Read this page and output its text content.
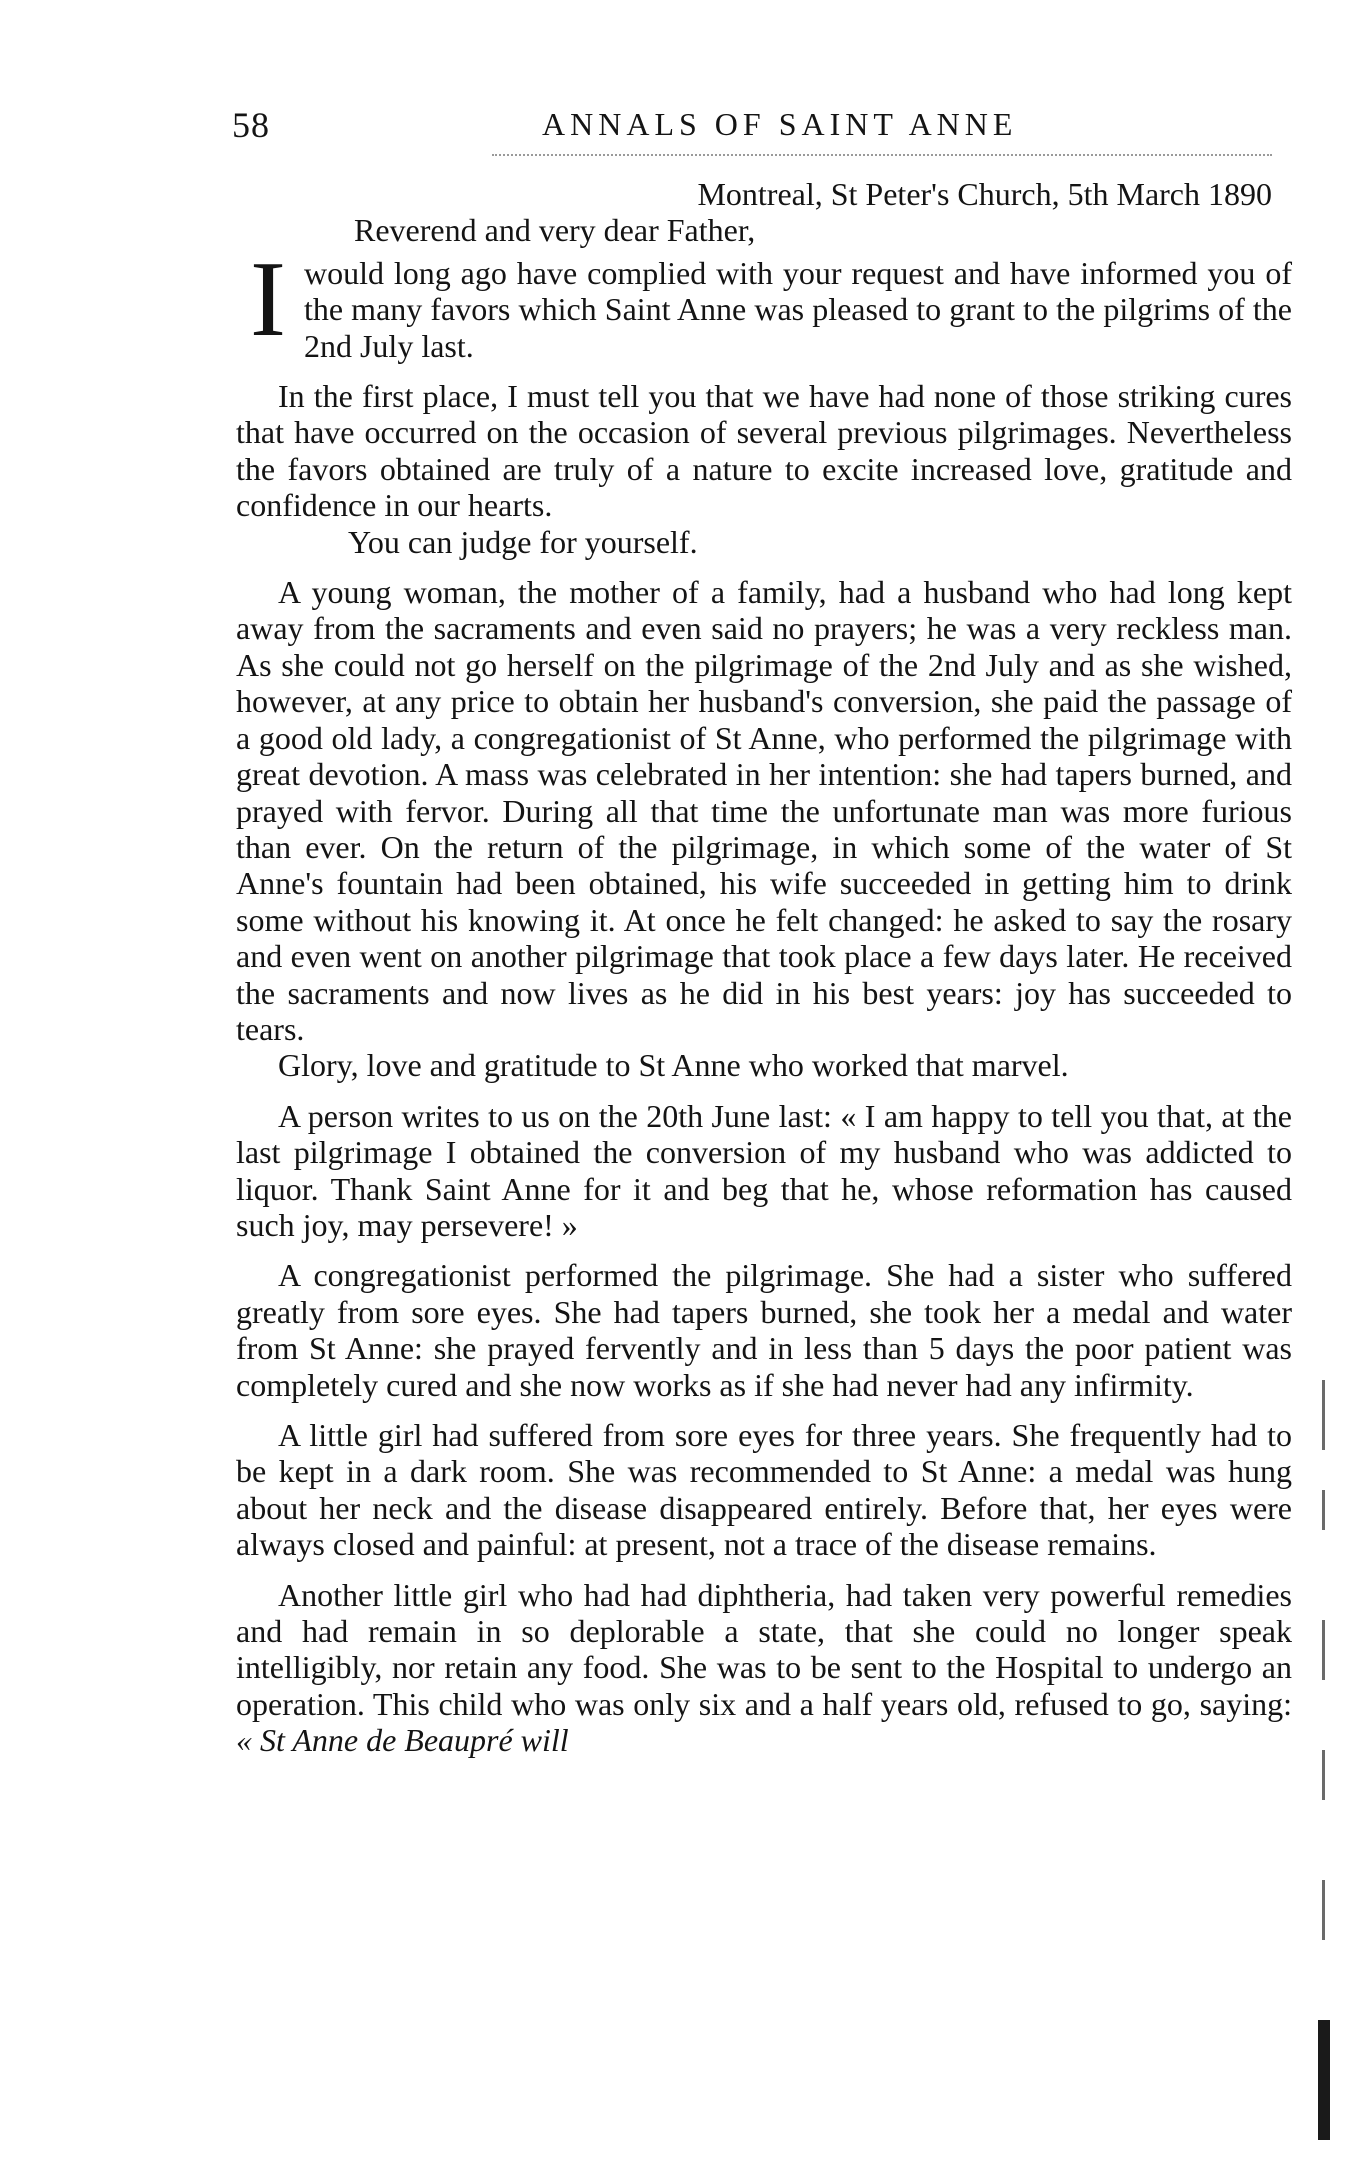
58	ANNALS OF SAINT ANNE

Montreal, St Peter's Church, 5th March 1890

Reverend and very dear Father,

Iwould long ago have complied with your request and have informed you of the many favors which Saint Anne was pleased to grant to the pilgrims of the 2nd July last.

In the first place, I must tell you that we have had none of those striking cures that have occurred on the occasion of several previous pilgrimages. Nevertheless the favors obtained are truly of a nature to excite increased love, gratitude and confidence in our hearts.

You can judge for yourself.

A young woman, the mother of a family, had a husband who had long kept away from the sacraments and even said no prayers; he was a very reckless man. As she could not go herself on the pilgrimage of the 2nd July and as she wished, however, at any price to obtain her husband's conversion, she paid the passage of a good old lady, a congregationist of St Anne, who performed the pilgrimage with great devotion. A mass was celebrated in her intention: she had tapers burned, and prayed with fervor. During all that time the unfortunate man was more furious than ever. On the return of the pilgrimage, in which some of the water of St Anne's fountain had been obtained, his wife succeeded in getting him to drink some without his knowing it. At once he felt changed: he asked to say the rosary and even went on another pilgrimage that took place a few days later. He received the sacraments and now lives as he did in his best years: joy has succeeded to tears.

Glory, love and gratitude to St Anne who worked that marvel.

A person writes to us on the 20th June last: « I am happy to tell you that, at the last pilgrimage I obtained the conversion of my husband who was addicted to liquor. Thank Saint Anne for it and beg that he, whose reformation has caused such joy, may persevere! »

A congregationist performed the pilgrimage. She had a sister who suffered greatly from sore eyes. She had tapers burned, she took her a medal and water from St Anne: she prayed fervently and in less than 5 days the poor patient was completely cured and she now works as if she had never had any infirmity.

A little girl had suffered from sore eyes for three years. She frequently had to be kept in a dark room. She was recommended to St Anne: a medal was hung about her neck and the disease disappeared entirely. Before that, her eyes were always closed and painful: at present, not a trace of the disease remains.

Another little girl who had had diphtheria, had taken very powerful remedies and had remain in so deplorable a state, that she could no longer speak intelligibly, nor retain any food. She was to be sent to the Hospital to undergo an operation. This child who was only six and a half years old, refused to go, saying: « St Anne de Beaupré will
